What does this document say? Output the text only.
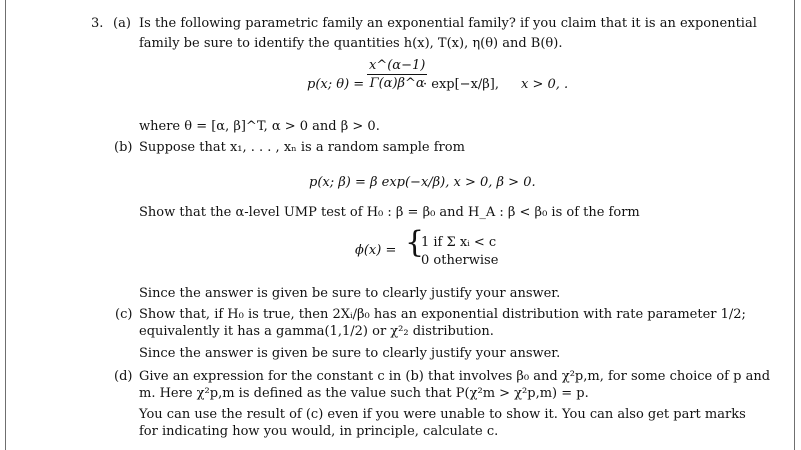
3. (a) Is the following parametric family an exponential family? if you claim that it is an exponential
family be sure to identify the quantities h(x), T(x), η(θ) and B(θ).
p(x; $\theta) = \frac{x\^{}(\alpha-1)}{\Gamma(\alpha)\beta\^{}\alpha}$
· exp[−x/β], x > 0, .
where θ = [α, β]^T, α > 0 and β > 0.
(b) Suppose that x₁, . . . , xₙ is a random sample from
p(x; β) = β exp(−x/β), x > 0, β > 0.
Show that the α-level UMP test of H₀ : β = β₀ and H_A : β < β₀ is of the form
ϕ(x) = {
1 if Σ xᵢ < c
0 otherwise
Since the answer is given be sure to clearly justify your answer.
(c) Show that, if H₀ is true, then 2Xᵢ/β₀ has an exponential distribution with rate parameter 1/2;
equivalently it has a gamma(1,1/2) or χ²₂ distribution.
Since the answer is given be sure to clearly justify your answer.
(d) Give an expression for the constant c in (b) that involves β₀ and χ²p,m, for some choice of p and
m. Here χ²p,m is defined as the value such that P(χ²m > χ²p,m) = p.
You can use the result of (c) even if you were unable to show it. You can also get part marks
for indicating how you would, in principle, calculate c.
